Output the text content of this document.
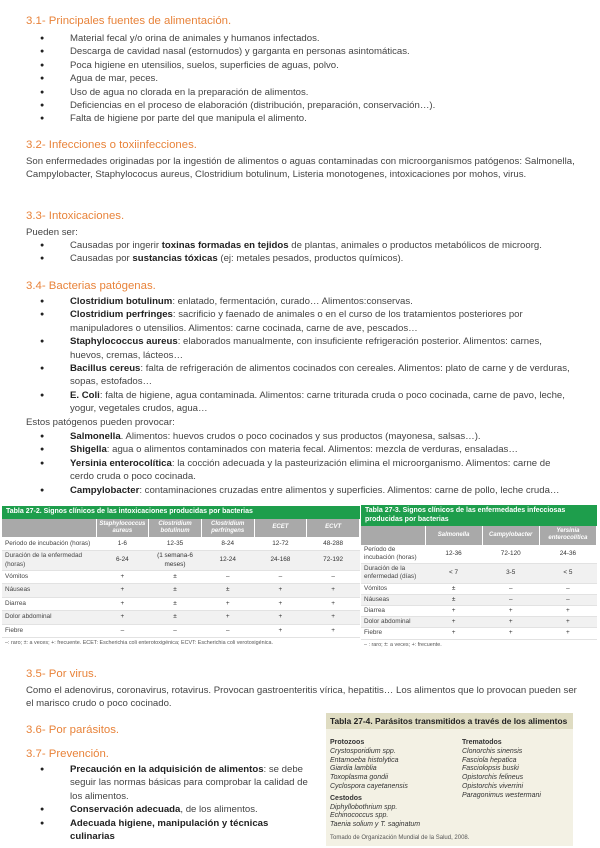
3.1- Principales fuentes de alimentación.
● Material fecal y/o orina de animales y humanos infectados.
● Descarga de cavidad nasal (estornudos) y garganta en personas asintomáticas.
● Poca higiene en utensilios, suelos, superficies de aguas, polvo.
● Agua de mar, peces.
● Uso de agua no clorada en la preparación de alimentos.
● Deficiencias en el proceso de elaboración (distribución, preparación, conservación…).
● Falta de higiene por parte del que manipula el alimento.
3.2- Infecciones o toxiinfecciones.
Son enfermedades originadas por la ingestión de alimentos o aguas contaminadas con microorganismos patógenos: Salmonella, Campylobacter, Staphylococus aureus, Clostridium botulinum, Listeria monotogenes, intoxicaciones por mohos, virus.
3.3- Intoxicaciones.
Pueden ser:
● Causadas por ingerir toxinas formadas en tejidos de plantas, animales o productos metabólicos de microorg.
● Causadas por sustancias tóxicas (ej: metales pesados, productos químicos).
3.4- Bacterias patógenas.
● Clostridium botulinum: enlatado, fermentación, curado… Alimentos:conservas.
● Clostridium perfringes: sacrificio y faenado de animales o en el curso de los tratamientos posteriores por manipuladores o utensilios. Alimentos: carne cocinada, carne de ave, pescados…
● Staphylococcus aureus: elaborados manualmente, con insuficiente refrigeración posterior. Alimentos: carnes, huevos, cremas, lácteos…
● Bacillus cereus: falta de refrigeración de alimentos cocinados con cereales. Alimentos: plato de carne y de verduras, sopas, estofados…
● E. Coli: falta de higiene, agua contaminada. Alimentos: carne triturada cruda o poco cocinada, carne de pavo, leche, yogur, vegetales crudos, agua…
Estos patógenos pueden provocar:
● Salmonella. Alimentos: huevos crudos o poco cocinados y sus productos (mayonesa, salsas…).
● Shigella: agua o alimentos contaminados con materia fecal. Alimentos: mezcla de verduras, ensaladas…
● Yersinia enterocolítica: la cocción adecuada y la pasteurización elimina el microorganismo. Alimentos: carne de cerdo cruda o poco cocinada.
● Campylobacter: contaminaciones cruzadas entre alimentos y superficies. Alimentos: carne de pollo, leche cruda…
Tabla 27-2. Signos clínicos de las intoxicaciones producidas por bacterias
	Staphylococcus aureus	Clostridium botulinum	Clostridium perfringens	ECET	ECVT
Periodo de incubación (horas)	1-6	12-35	8-24	12-72	48-288
Duración de la enfermedad (horas)	6-24	(1 semana-6 meses)	12-24	24-168	72-192
Vómitos	+	±	–	–	–
Náuseas	+	±	±	+	+
Diarrea	+	±	+	+	+
Dolor abdominal	+	±	+	+	+
Fiebre	–	–	–	+	+
–: raro; ±: a veces; +: frecuente. ECET: Escherichia coli enterotoxigénica; ECVT: Escherichia coli verotoxigénica.
Tabla 27-3. Signos clínicos de las enfermedades infecciosas producidas por bacterias
	Salmonella	Campylobacter	Yersinia enterocolítica
Período de incubación (horas)	12-36	72-120	24-36
Duración de la enfermedad (días)	< 7	3-5	< 5
Vómitos	±	–	–
Náuseas	±	–	–
Diarrea	+	+	+
Dolor abdominal	+	+	+
Fiebre	+	+	+
– : raro; ±: a veces; +: frecuente.
3.5- Por virus.
Como el adenovirus, coronavirus, rotavirus. Provocan gastroenteritis vírica, hepatitis… Los alimentos que lo provocan pueden ser el marisco crudo o poco cocinado.
3.6- Por parásitos.
3.7- Prevención.
● Precaución en la adquisición de alimentos: se debe seguir las normas básicas para comprobar la calidad de los alimentos.
● Conservación adecuada, de los alimentos.
● Adecuada higiene, manipulación y técnicas culinarias
Tabla 27-4. Parásitos transmitidos a través de los alimentos
Protozoos
Crystosporidium spp.
Entamoeba histolytica
Giardia lamblia
Toxoplasma gondii
Cyclospora cayetanensis
Cestodos
Diphyllobothrium spp.
Echinococcus spp.
Taenia solium y T. saginatum
Trematodos
Clonorchis sinensis
Fasciola hepatica
Fasciolopsis buski
Opistorchis felineus
Opistorchis viverrini
Paragonimus westermani
Tomado de Organización Mundial de la Salud, 2008.
